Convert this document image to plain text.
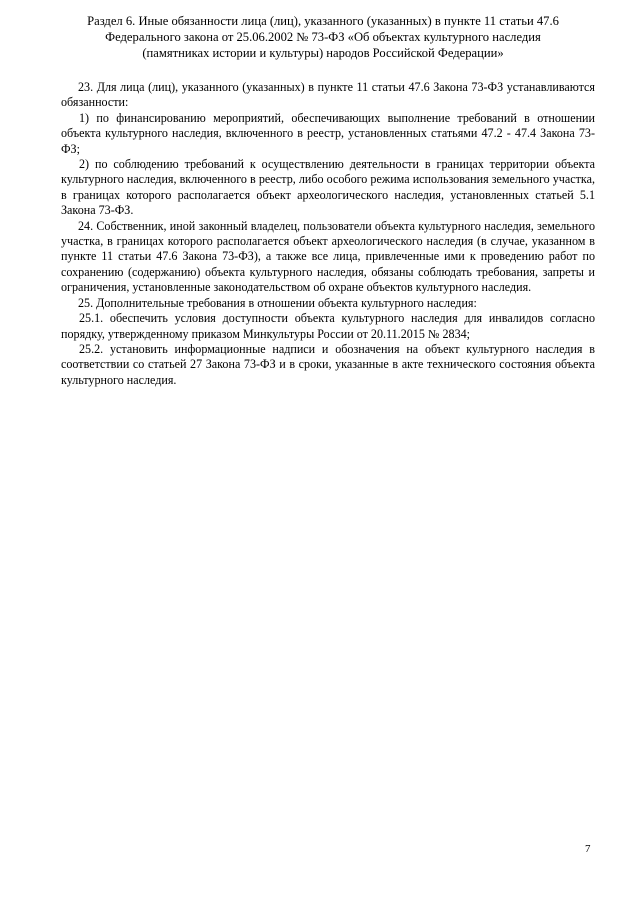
Раздел 6. Иные обязанности лица (лиц), указанного (указанных) в пункте 11 статьи 47.6
Федерального закона от 25.06.2002 № 73-ФЗ «Об объектах культурного наследия
(памятниках истории и культуры) народов Российской Федерации»

23. Для лица (лиц), указанного (указанных) в пункте 11 статьи 47.6 Закона 73-ФЗ устанавливаются обязанности:

1) по финансированию мероприятий, обеспечивающих выполнение требований в отношении объекта культурного наследия, включенного в реестр, установленных статьями 47.2 - 47.4 Закона 73-ФЗ;

2) по соблюдению требований к осуществлению деятельности в границах территории объекта культурного наследия, включенного в реестр, либо особого режима использования земельного участка, в границах которого располагается объект археологического наследия, установленных статьей 5.1 Закона 73-ФЗ.

24. Собственник, иной законный владелец, пользователи объекта культурного наследия, земельного участка, в границах которого располагается объект археологического наследия (в случае, указанном в пункте 11 статьи 47.6 Закона 73-ФЗ), а также все лица, привлеченные ими к проведению работ по сохранению (содержанию) объекта культурного наследия, обязаны соблюдать требования, запреты и ограничения, установленные законодательством об охране объектов культурного наследия.

25. Дополнительные требования в отношении объекта культурного наследия:

25.1. обеспечить условия доступности объекта культурного наследия для инвалидов согласно порядку, утвержденному приказом Минкультуры России от 20.11.2015 № 2834;

25.2. установить информационные надписи и обозначения на объект культурного наследия в соответствии со статьей 27 Закона 73-ФЗ и в сроки, указанные в акте технического состояния объекта культурного наследия.

7
